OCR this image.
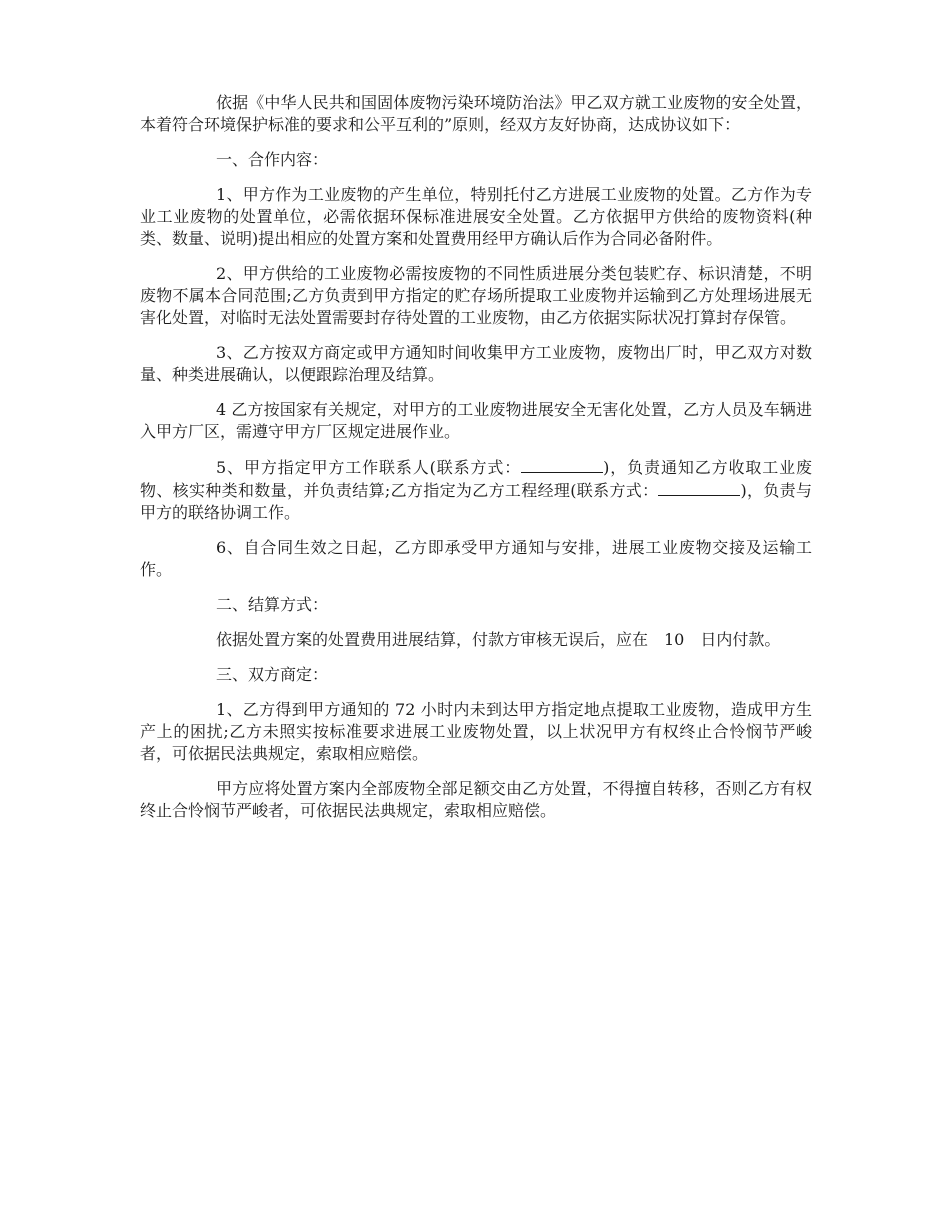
依据《中华人民共和国固体废物污染环境防治法》甲乙双方就工业废物的安全处置，本着符合环境保护标准的要求和公平互利的”原则，经双方友好协商，达成协议如下：

一、合作内容：

1、甲方作为工业废物的产生单位，特别托付乙方进展工业废物的处置。乙方作为专业工业废物的处置单位，必需依据环保标准进展安全处置。乙方依据甲方供给的废物资料(种类、数量、说明)提出相应的处置方案和处置费用经甲方确认后作为合同必备附件。

2、甲方供给的工业废物必需按废物的不同性质进展分类包装贮存、标识清楚，不明废物不属本合同范围;乙方负责到甲方指定的贮存场所提取工业废物并运输到乙方处理场进展无害化处置，对临时无法处置需要封存待处置的工业废物，由乙方依据实际状况打算封存保管。

3、乙方按双方商定或甲方通知时间收集甲方工业废物，废物出厂时，甲乙双方对数量、种类进展确认，以便跟踪治理及结算。

4 乙方按国家有关规定，对甲方的工业废物进展安全无害化处置，乙方人员及车辆进入甲方厂区，需遵守甲方厂区规定进展作业。

5、甲方指定甲方工作联系人(联系方式：	)，负责通知乙方收取工业废物、核实种类和数量，并负责结算;乙方指定为乙方工程经理(联系方式：	)，负责与甲方的联络协调工作。

6、自合同生效之日起，乙方即承受甲方通知与安排，进展工业废物交接及运输工作。

二、结算方式：

依据处置方案的处置费用进展结算，付款方审核无误后，应在　10　日内付款。

三、双方商定：

1、乙方得到甲方通知的 72 小时内未到达甲方指定地点提取工业废物，造成甲方生产上的困扰;乙方未照实按标准要求进展工业废物处置，以上状况甲方有权终止合怜悯节严峻者，可依据民法典规定，索取相应赔偿。

甲方应将处置方案内全部废物全部足额交由乙方处置，不得擅自转移，否则乙方有权终止合怜悯节严峻者，可依据民法典规定，索取相应赔偿。
